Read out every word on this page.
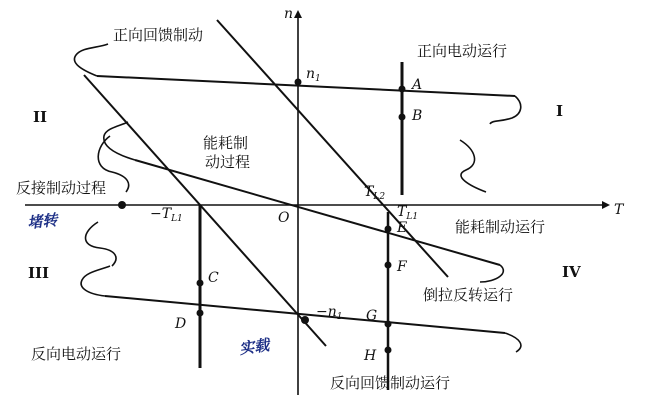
n
T
O
I
II
III	IV
正向回馈制动
正向电动运行
能耗制
动过程
反接制动过程
能耗制动运行
倒拉反转运行
反向电动运行
反向回馈制动运行
$n_1$
$-n_1$
$T_{L2}$
$T_{L1}$
$-T_{L1}$
A
B
C
D
E
F
G
H
堵转
实载
